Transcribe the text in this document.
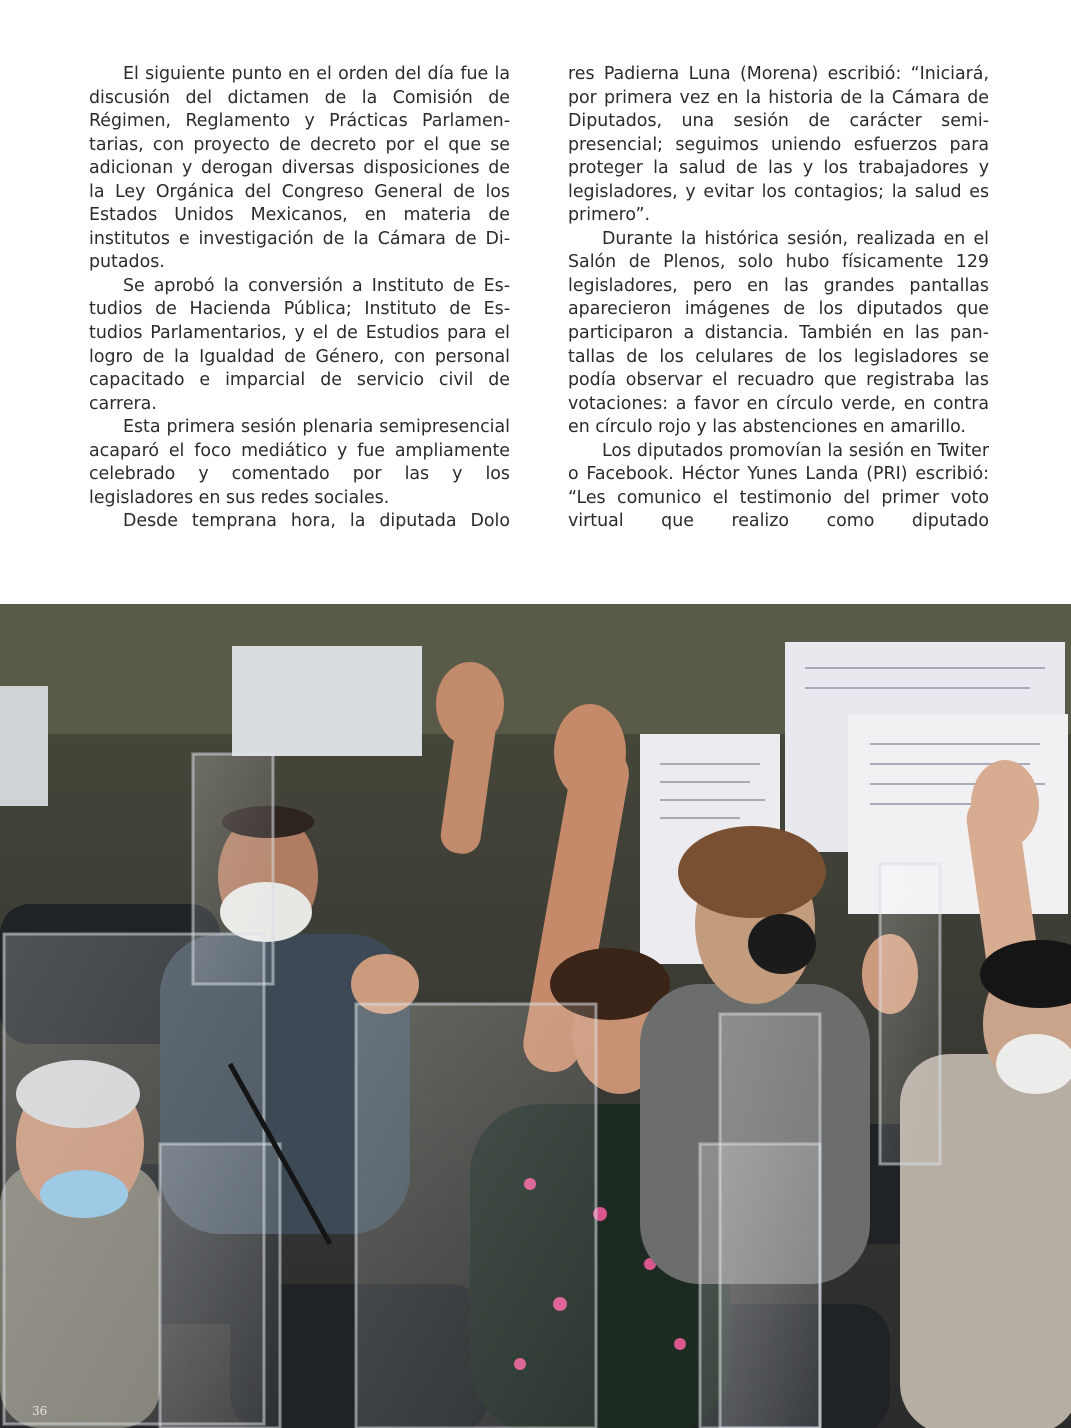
El siguiente punto en el orden del día fue la discusión del dictamen de la Comisión de Régimen, Reglamento y Prácticas Parlamentarias, con proyecto de decreto por el que se adicionan y derogan diversas disposiciones de la Ley Orgánica del Congreso General de los Estados Unidos Mexicanos, en materia de institutos e investigación de la Cámara de Diputados.

Se aprobó la conversión a Instituto de Estudios de Hacienda Pública; Instituto de Estudios Parlamentarios, y el de Estudios para el logro de la Igualdad de Género, con personal capacitado e imparcial de servicio civil de carrera.

Esta primera sesión plenaria semipresencial acaparó el foco mediático y fue ampliamente celebrado y comentado por las y los legisladores en sus redes sociales.

Desde temprana hora, la diputada Dolo

res Padierna Luna (Morena) escribió: “Iniciará, por primera vez en la historia de la Cámara de Diputados, una sesión de carácter semipresencial; seguimos uniendo esfuerzos para proteger la salud de las y los trabajadores y legisladores, y evitar los contagios; la salud es primero”.

Durante la histórica sesión, realizada en el Salón de Plenos, solo hubo físicamente 129 legisladores, pero en las grandes pantallas aparecieron imágenes de los diputados que participaron a distancia. También en las pantallas de los celulares de los legisladores se podía observar el recuadro que registraba las votaciones: a favor en círculo verde, en contra en círculo rojo y las abstenciones en amarillo.

Los diputados promovían la sesión en Twiter o Facebook. Héctor Yunes Landa (PRI) escribió: “Les comunico el testimonio del primer voto virtual que realizo como diputado

36
